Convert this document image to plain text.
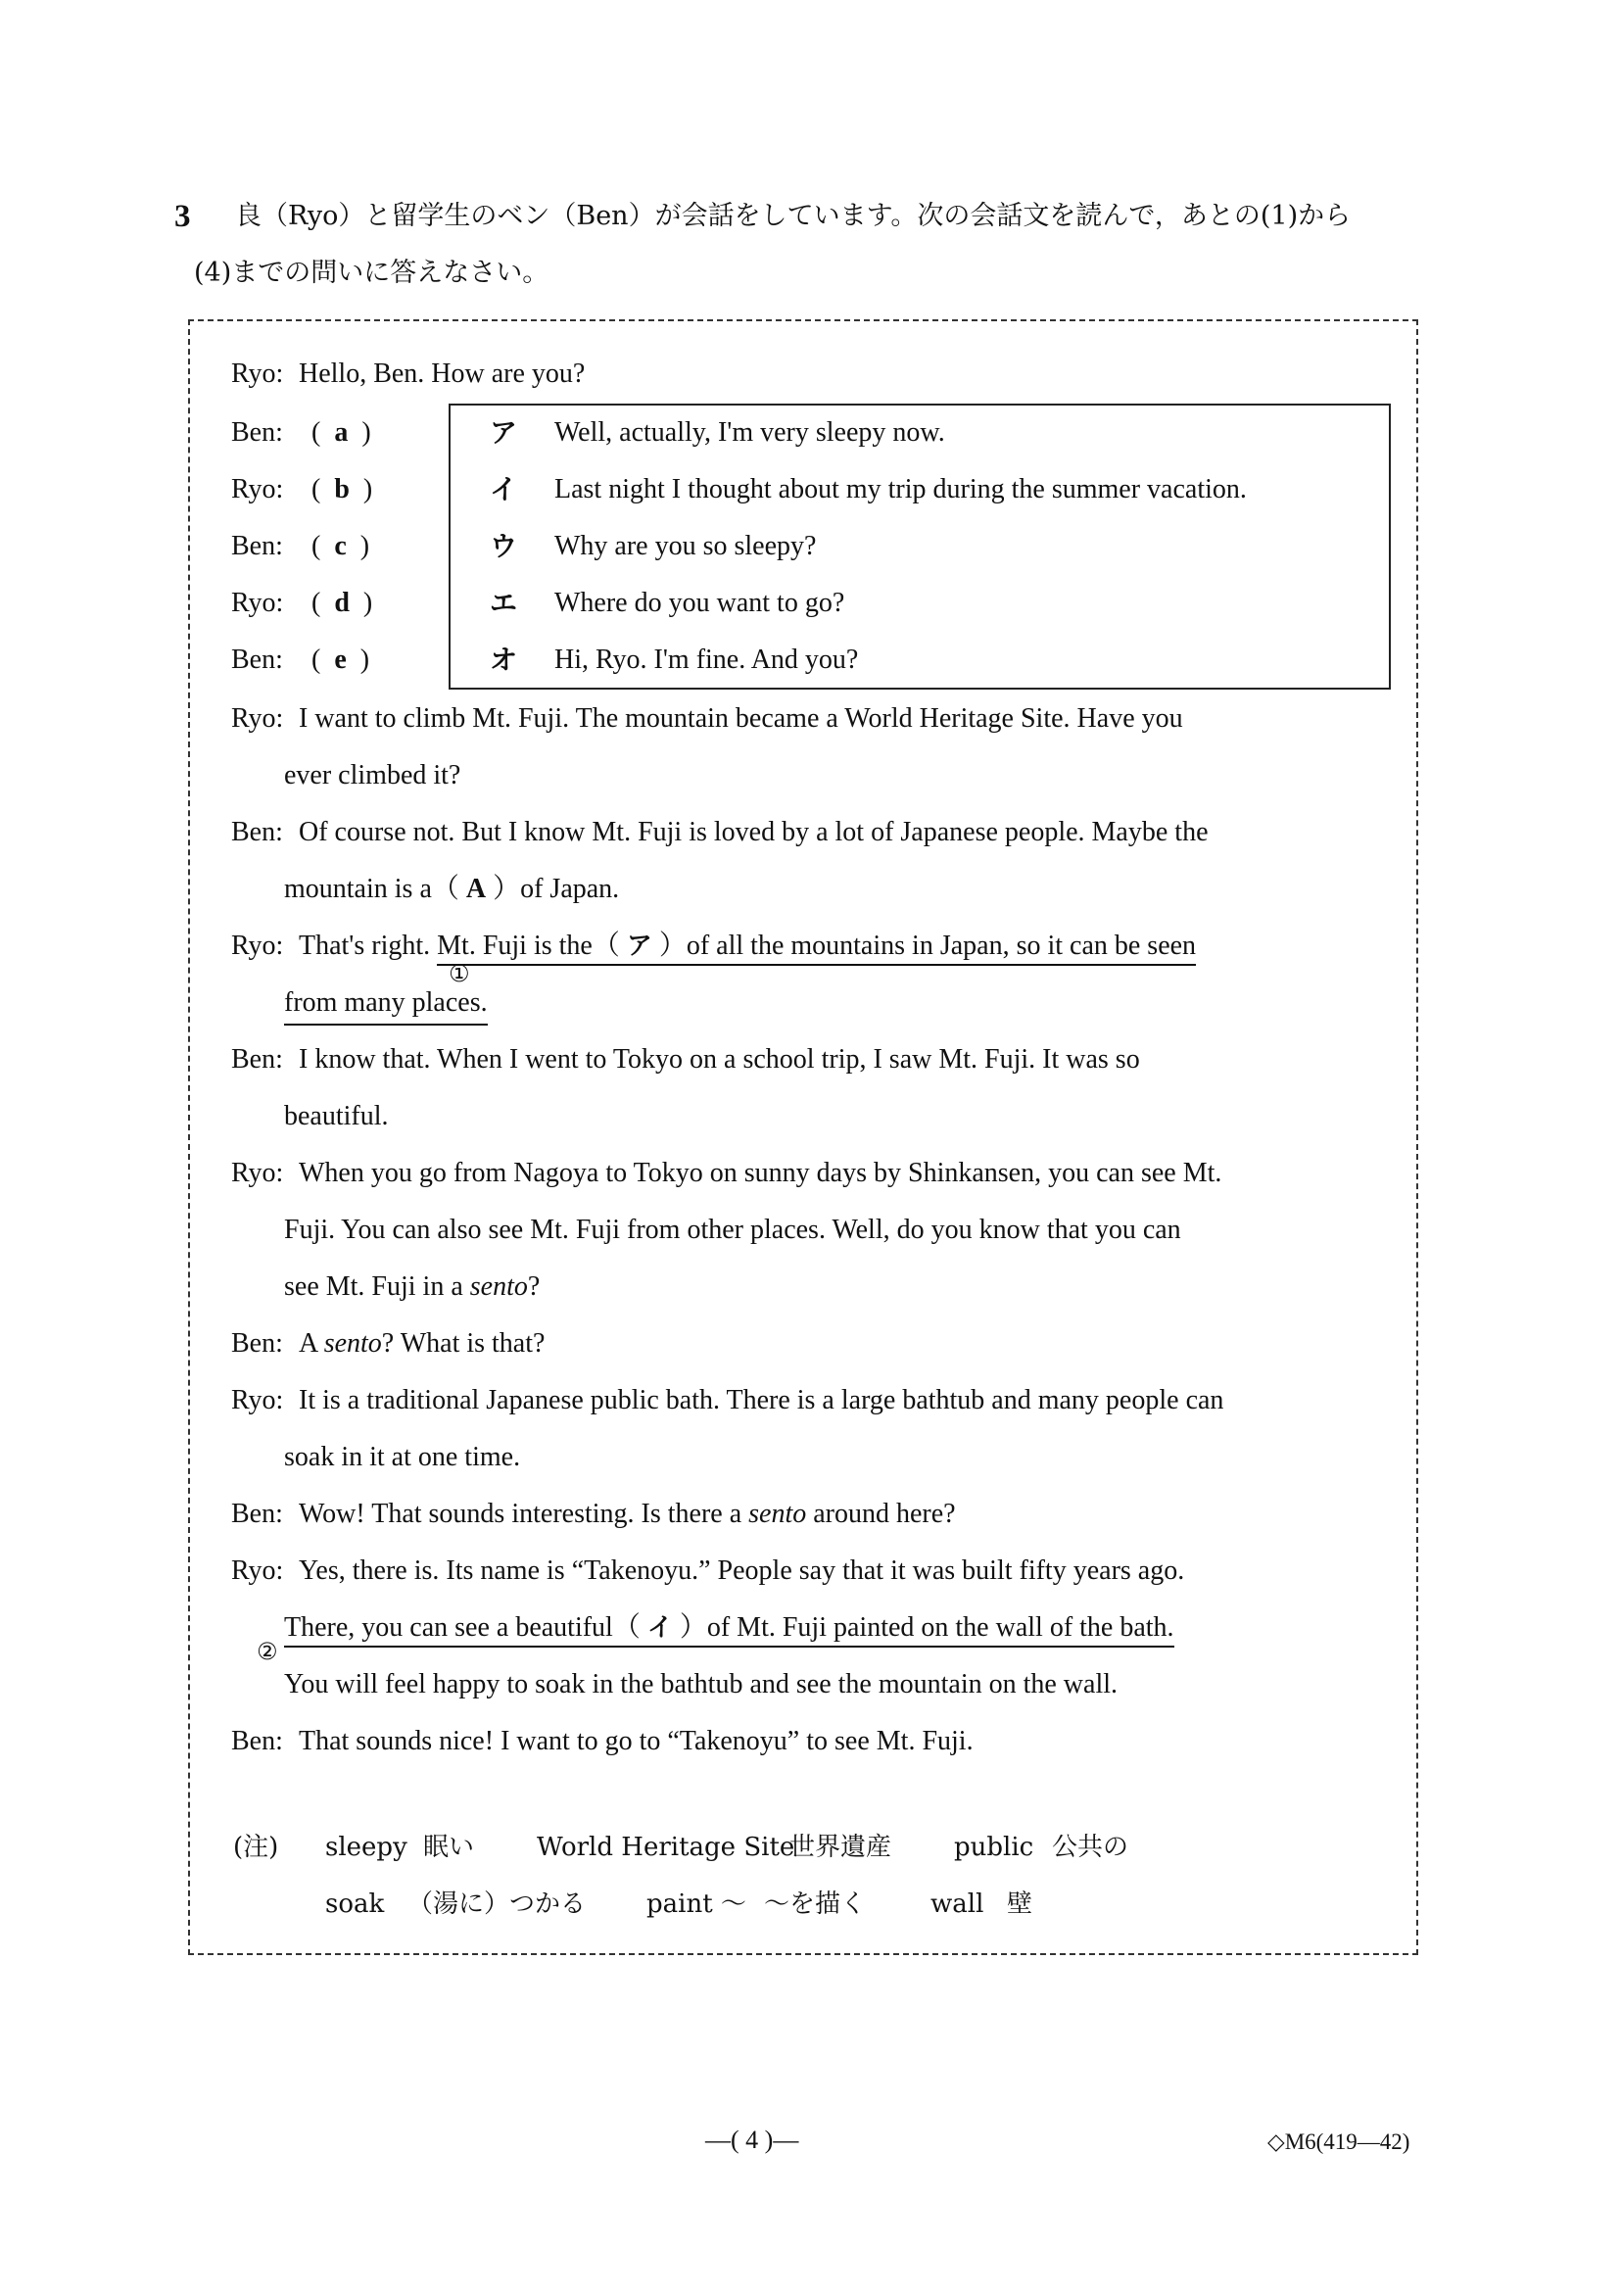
3 良（Ryo）と留学生のベン（Ben）が会話をしています。次の会話文を読んで，あとの(1)から
(4)までの問いに答えなさい。
Ryo: Hello, Ben. How are you?
Ben: ( a )
Ryo: ( b )
Ben: ( c )
Ryo: ( d )
Ben: ( e )
ア Well, actually, I'm very sleepy now.
イ Last night I thought about my trip during the summer vacation.
ウ Why are you so sleepy?
エ Where do you want to go?
オ Hi, Ryo. I'm fine. And you?
Ryo: I want to climb Mt. Fuji. The mountain became a World Heritage Site. Have you
ever climbed it?
Ben: Of course not. But I know Mt. Fuji is loved by a lot of Japanese people. Maybe the
mountain is a（ A ）of Japan.
Ryo: That's right. Mt. Fuji is the（ ア ）of all the mountains in Japan, so it can be seen
①
from many places.
Ben: I know that. When I went to Tokyo on a school trip, I saw Mt. Fuji. It was so
beautiful.
Ryo: When you go from Nagoya to Tokyo on sunny days by Shinkansen, you can see Mt.
Fuji. You can also see Mt. Fuji from other places. Well, do you know that you can
see Mt. Fuji in a sento?
Ben: A sento? What is that?
Ryo: It is a traditional Japanese public bath. There is a large bathtub and many people can
soak in it at one time.
Ben: Wow! That sounds interesting. Is there a sento around here?
Ryo: Yes, there is. Its name is “Takenoyu.” People say that it was built fifty years ago.
There, you can see a beautiful（ イ ）of Mt. Fuji painted on the wall of the bath.
②
You will feel happy to soak in the bathtub and see the mountain on the wall.
Ben: That sounds nice! I want to go to “Takenoyu” to see Mt. Fuji.
(注) sleepy 眠い World Heritage Site
世界遺産 public 公共の
soak （湯に）つかる paint ～ ～を描く	wall 壁
—( 4 )—	◇M6(419—42)
